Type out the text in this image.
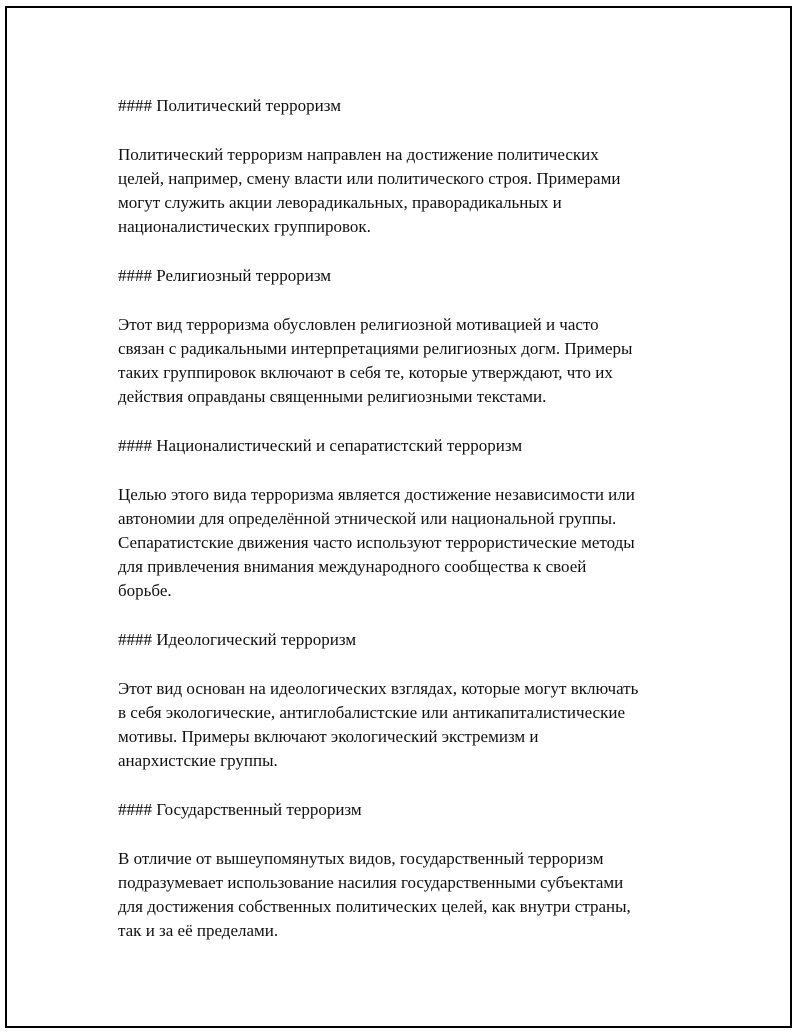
#### Политический терроризм

Политический терроризм направлен на достижение политических
целей, например, смену власти или политического строя. Примерами
могут служить акции леворадикальных, праворадикальных и
националистических группировок.

#### Религиозный терроризм

Этот вид терроризма обусловлен религиозной мотивацией и часто
связан с радикальными интерпретациями религиозных догм. Примеры
таких группировок включают в себя те, которые утверждают, что их
действия оправданы священными религиозными текстами.

#### Националистический и сепаратистский терроризм

Целью этого вида терроризма является достижение независимости или
автономии для определённой этнической или национальной группы.
Сепаратистские движения часто используют террористические методы
для привлечения внимания международного сообщества к своей
борьбе.

#### Идеологический терроризм

Этот вид основан на идеологических взглядах, которые могут включать
в себя экологические, антиглобалистские или антикапиталистические
мотивы. Примеры включают экологический экстремизм и
анархистские группы.

#### Государственный терроризм

В отличие от вышеупомянутых видов, государственный терроризм
подразумевает использование насилия государственными субъектами
для достижения собственных политических целей, как внутри страны,
так и за её пределами.
